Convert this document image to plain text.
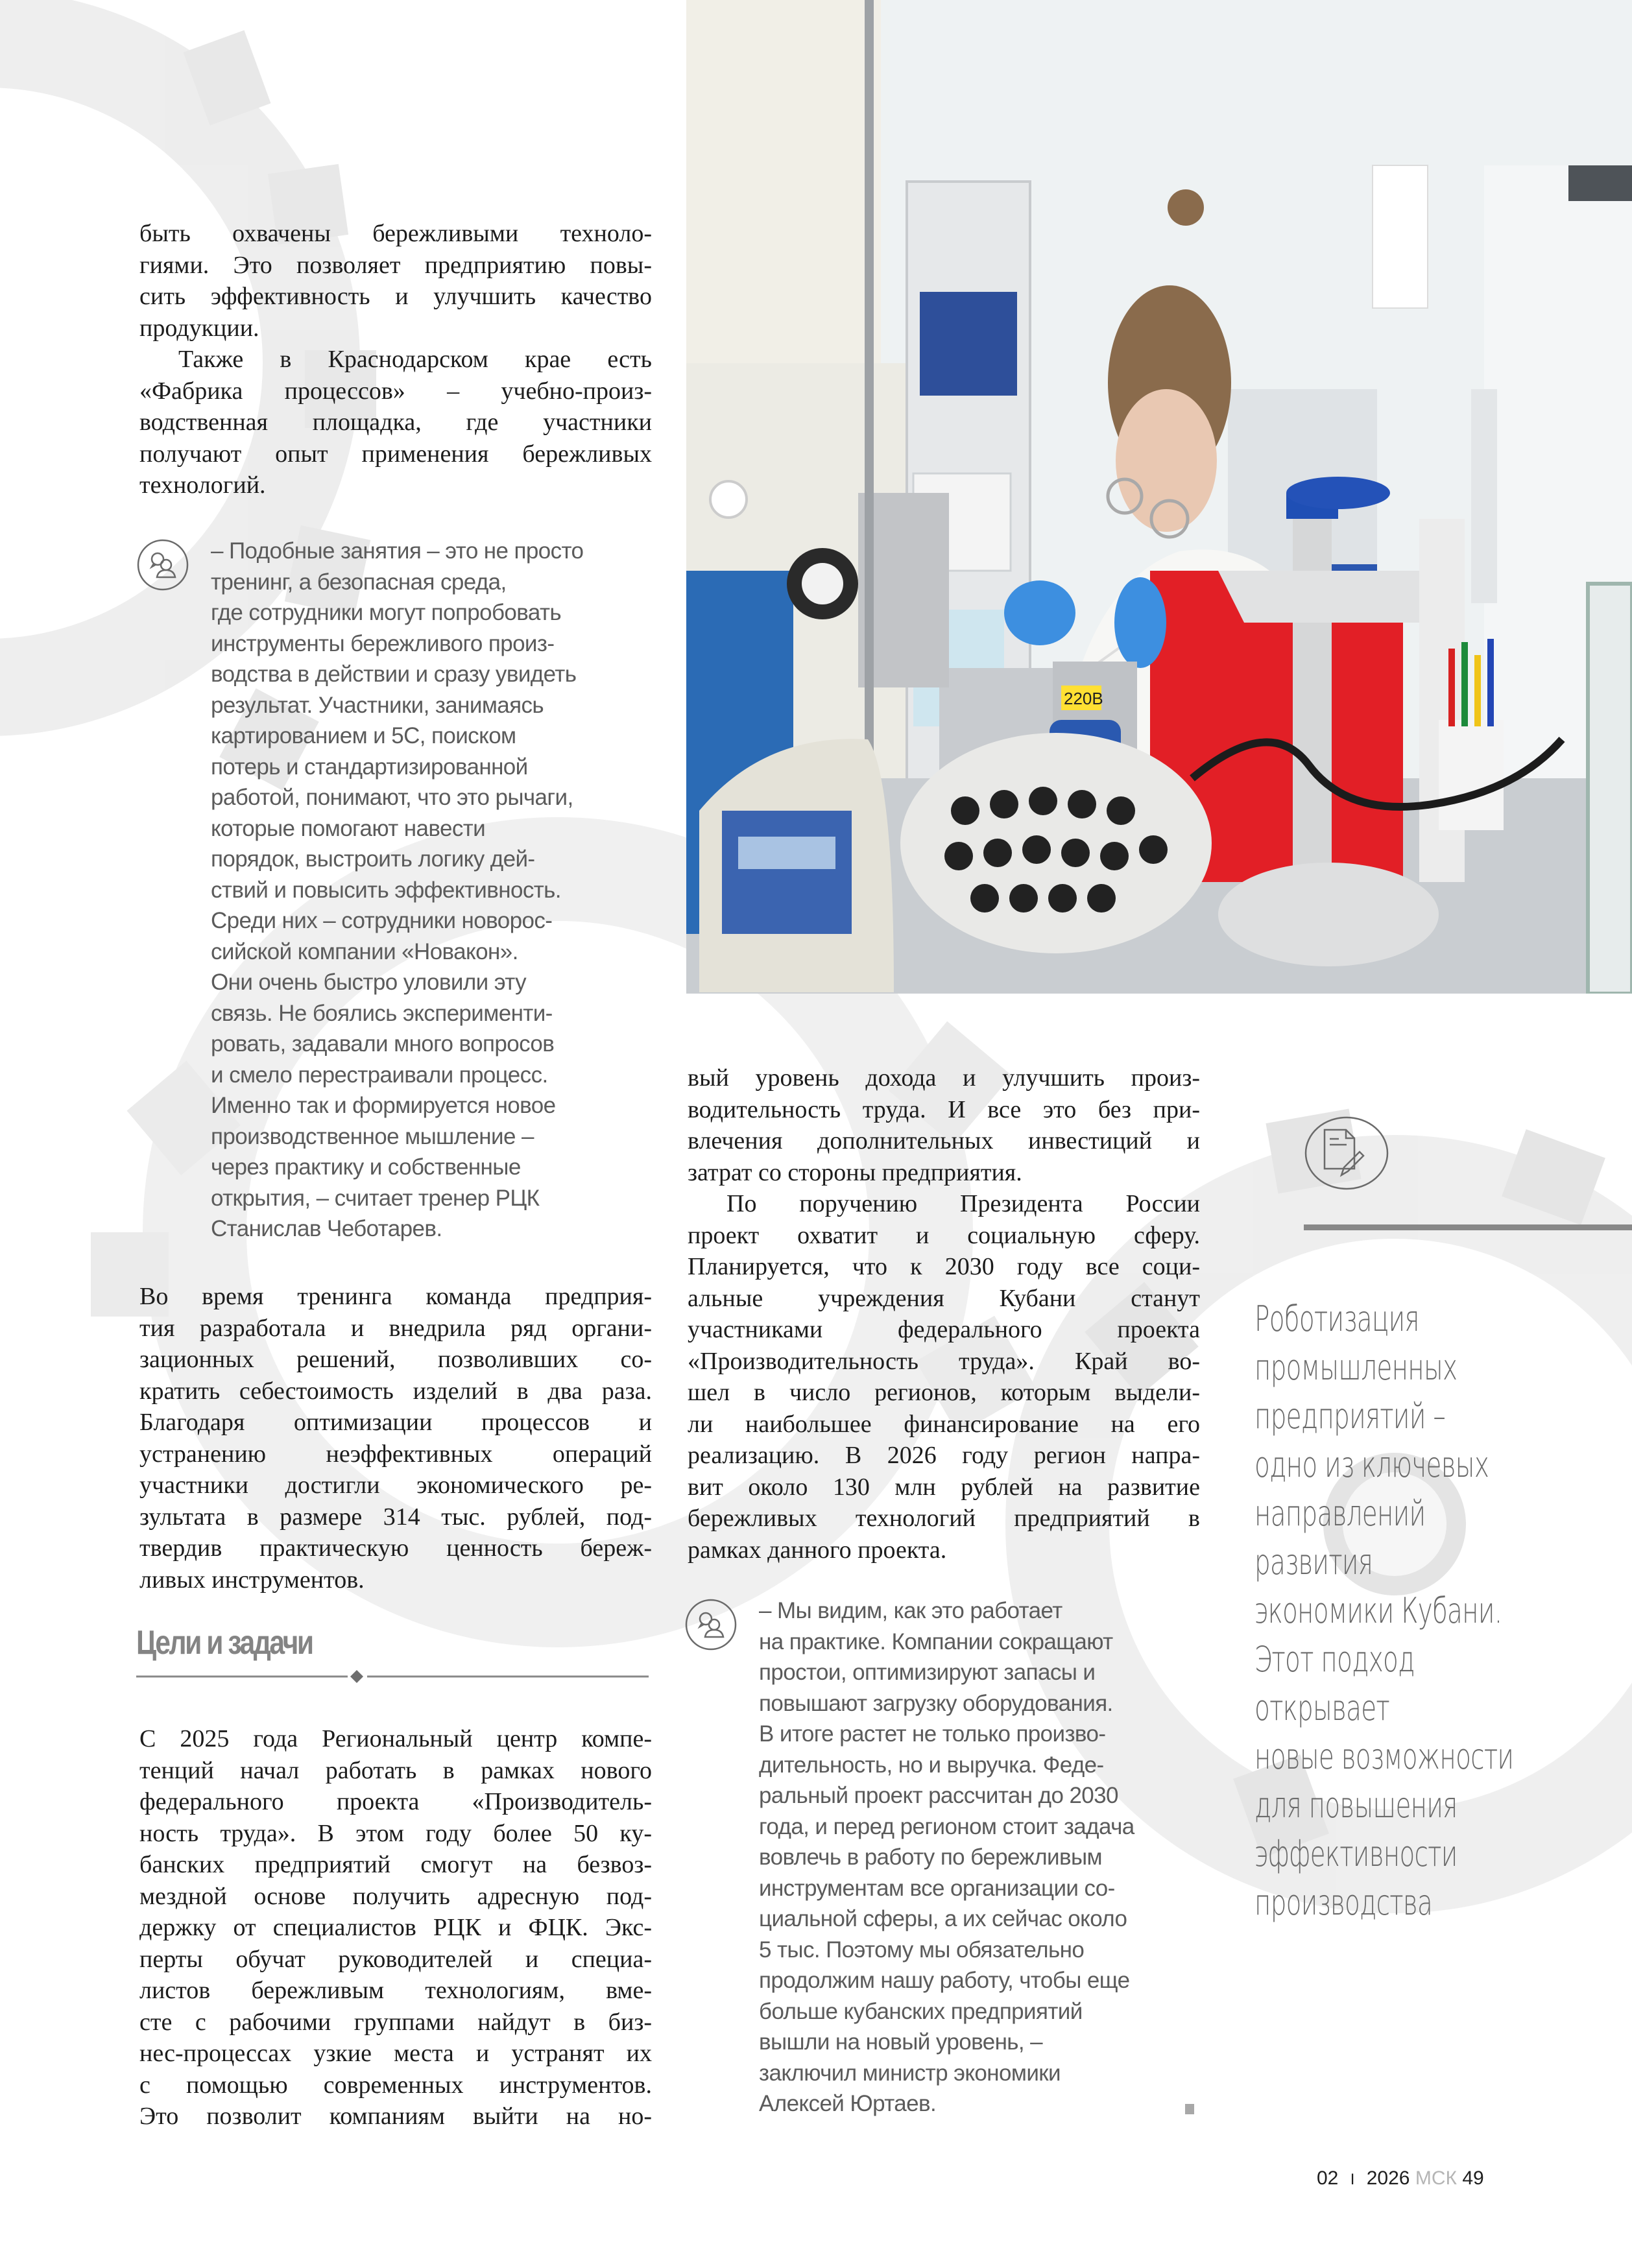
220В

быть охвачены бережливыми техноло-
гиями. Это позволяет предприятию повы-
сить эффективность и улучшить качество
продукции.

Также в Краснодарском крае есть
«Фабрика процессов» – учебно-произ-
водственная площадка, где участники
получают опыт применения бережливых
технологий.

– Подобные занятия – это не просто
тренинг, а безопасная среда,
где сотрудники могут попробовать
инструменты бережливого произ-
водства в действии и сразу увидеть
результат. Участники, занимаясь
картированием и 5С, поиском
потерь и стандартизированной
работой, понимают, что это рычаги,
которые помогают навести
порядок, выстроить логику дей-
ствий и повысить эффективность.
Среди них – сотрудники новорос-
сийской компании «Новакон».
Они очень быстро уловили эту
связь. Не боялись эксперименти-
ровать, задавали много вопросов
и смело перестраивали процесс.
Именно так и формируется новое
производственное мышление –
через практику и собственные
открытия, – считает тренер РЦК
Станислав Чеботарев.

Во время тренинга команда предприя-
тия разработала и внедрила ряд органи-
зационных решений, позволивших со-
кратить себестоимость изделий в два раза.
Благодаря оптимизации процессов и
устранению неэффективных операций
участники достигли экономического ре-
зультата в размере 314 тыс. рублей, под-
твердив практическую ценность береж-
ливых инструментов.

Цели и задачи

С 2025 года Региональный центр компе-
тенций начал работать в рамках нового
федерального проекта «Производитель-
ность труда». В этом году более 50 ку-
банских предприятий смогут на безвоз-
мездной основе получить адресную под-
держку от специалистов РЦК и ФЦК. Экс-
перты обучат руководителей и специа-
листов бережливым технологиям, вме-
сте с рабочими группами найдут в биз-
нес-процессах узкие места и устранят их
с помощью современных инструментов.
Это позволит компаниям выйти на но-

вый уровень дохода и улучшить произ-
водительность труда. И все это без при-
влечения дополнительных инвестиций и
затрат со стороны предприятия.

По поручению Президента России
проект охватит и социальную сферу.
Планируется, что к 2030 году все соци-
альные учреждения Кубани станут
участниками федерального проекта
«Производительность труда». Край во-
шел в число регионов, которым выдели-
ли наибольшее финансирование на его
реализацию. В 2026 году регион напра-
вит около 130 млн рублей на развитие
бережливых технологий предприятий в
рамках данного проекта.

– Мы видим, как это работает
на практике. Компании сокращают
простои, оптимизируют запасы и
повышают загрузку оборудования.
В итоге растет не только произво-
дительность, но и выручка. Феде-
ральный проект рассчитан до 2030
года, и перед регионом стоит задача
вовлечь в работу по бережливым
инструментам все организации со-
циальной сферы, а их сейчас около
5 тыс. Поэтому мы обязательно
продолжим нашу работу, чтобы еще
больше кубанских предприятий
вышли на новый уровень, –
заключил министр экономики
Алексей Юртаев.
Роботизация
промышленных
предприятий –
одно из ключевых
направлений
развития
экономики Кубани.
Этот подход
открывает
новые возможности
для повышения
эффективности
производства
02 I 2026 МСК 49
